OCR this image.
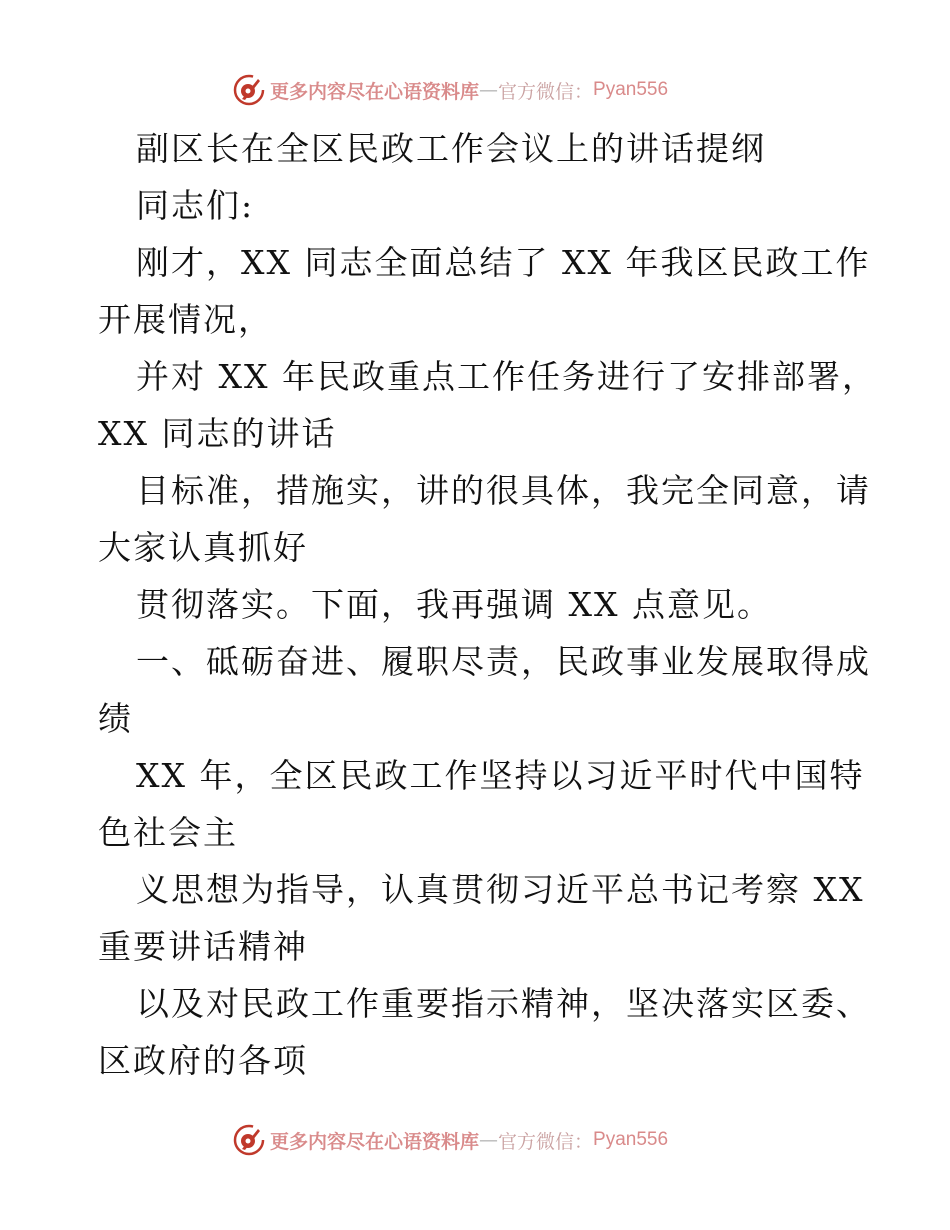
更多内容尽在心语资料库 — 官方微信： Pyan556
副区长在全区民政工作会议上的讲话提纲
同志们:
刚才，XX 同志全面总结了 XX 年我区民政工作
开展情况，
并对 XX 年民政重点工作任务进行了安排部署，
XX 同志的讲话
目标准，措施实，讲的很具体，我完全同意，请
大家认真抓好
贯彻落实。下面，我再强调 XX 点意见。
一、砥砺奋进、履职尽责，民政事业发展取得成
绩
XX 年，全区民政工作坚持以习近平时代中国特
色社会主
义思想为指导，认真贯彻习近平总书记考察 XX
重要讲话精神
以及对民政工作重要指示精神，坚决落实区委、
区政府的各项
更多内容尽在心语资料库 — 官方微信： Pyan556
